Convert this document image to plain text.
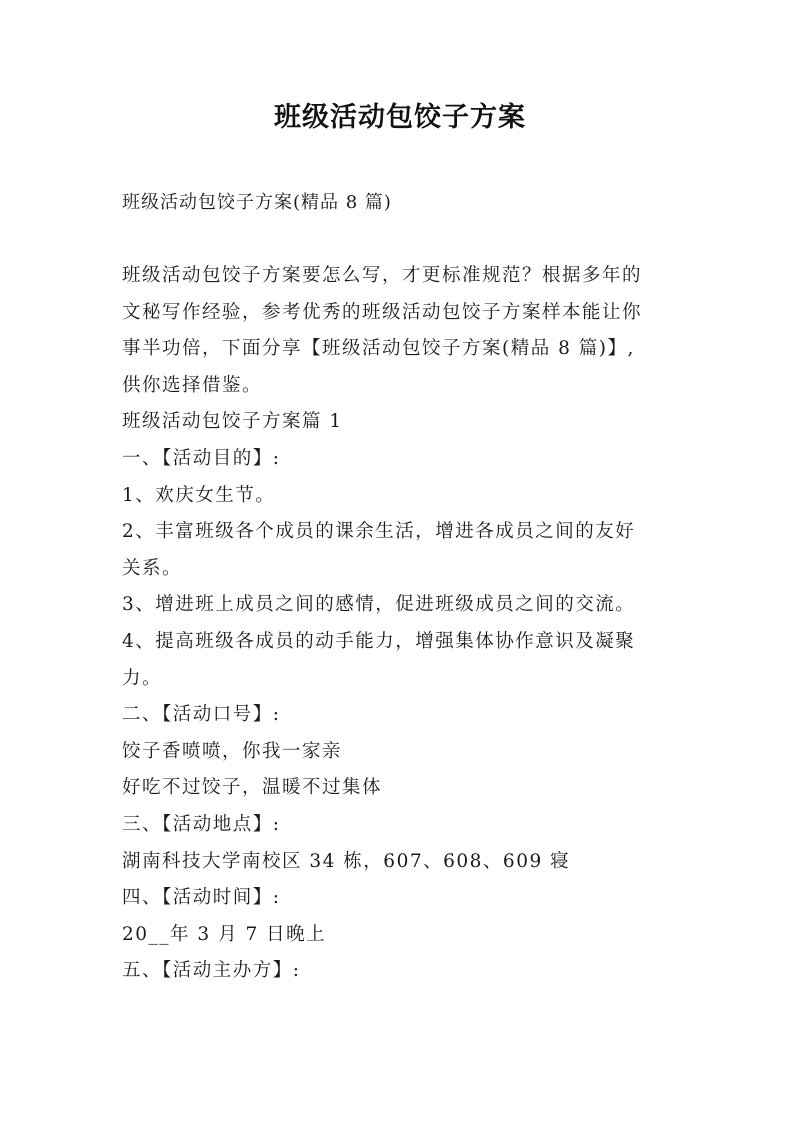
班级活动包饺子方案

班级活动包饺子方案(精品 8 篇)

班级活动包饺子方案要怎么写，才更标准规范？根据多年的

文秘写作经验，参考优秀的班级活动包饺子方案样本能让你

事半功倍，下面分享【班级活动包饺子方案(精品 8 篇)】,

供你选择借鉴。

班级活动包饺子方案篇 1

一、【活动目的】:

1、欢庆女生节。

2、丰富班级各个成员的课余生活，增进各成员之间的友好

关系。

3、增进班上成员之间的感情，促进班级成员之间的交流。

4、提高班级各成员的动手能力，增强集体协作意识及凝聚

力。

二、【活动口号】:

饺子香喷喷，你我一家亲

好吃不过饺子，温暖不过集体

三、【活动地点】:

湖南科技大学南校区 34 栋，607、608、609 寝

四、【活动时间】:

20__年 3 月 7 日晚上

五、【活动主办方】:
